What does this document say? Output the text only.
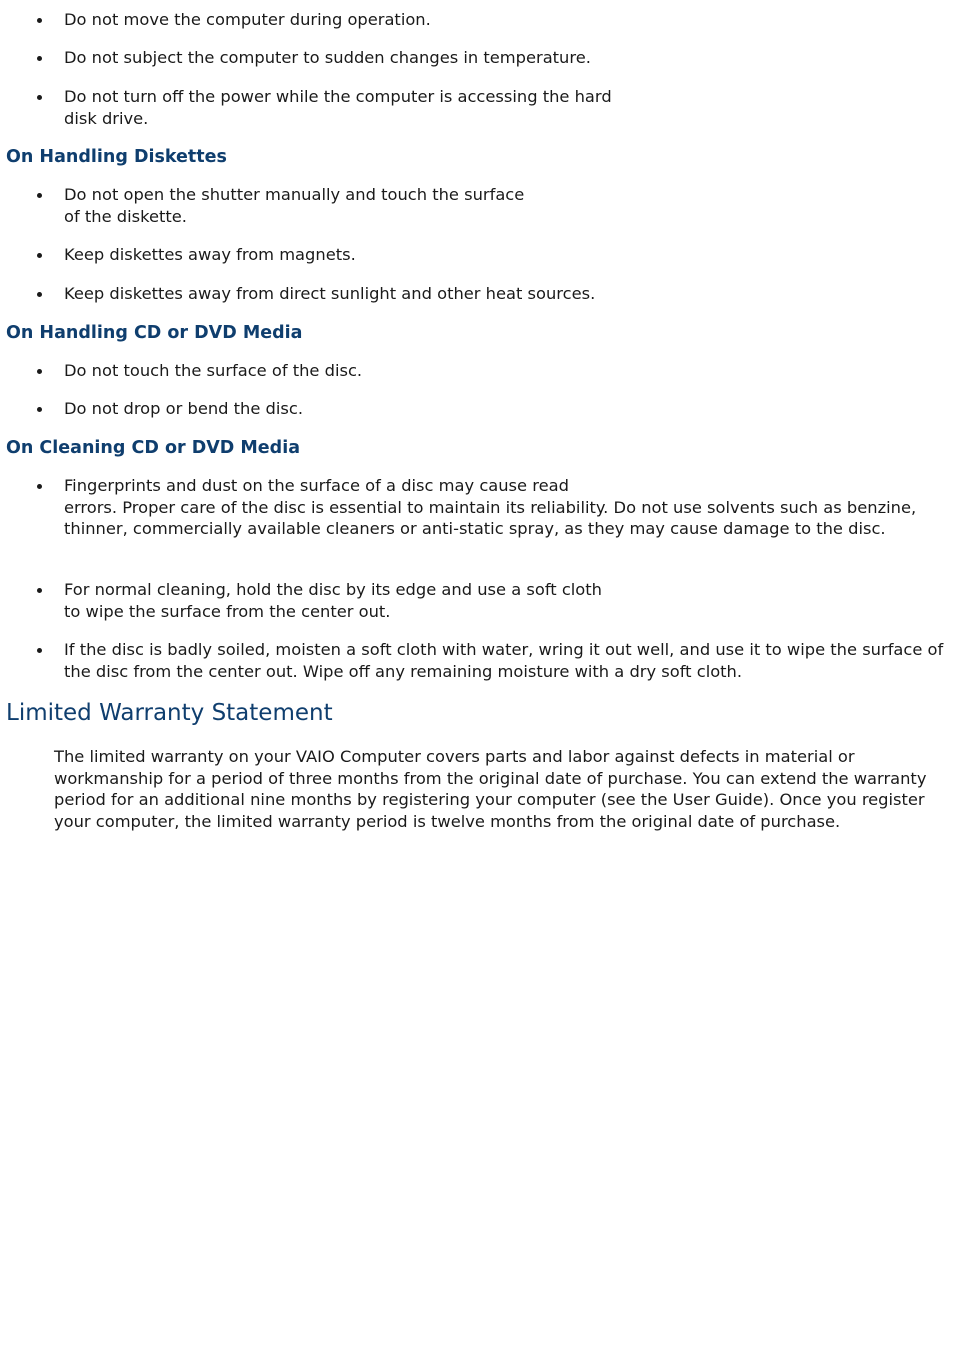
Do not move the computer during operation.
Do not subject the computer to sudden changes in temperature.
Do not turn off the power while the computer is accessing the hard
disk drive.
On Handling Diskettes
Do not open the shutter manually and touch the surface
of the diskette.
Keep diskettes away from magnets.
Keep diskettes away from direct sunlight and other heat sources.
On Handling CD or DVD Media
Do not touch the surface of the disc.
Do not drop or bend the disc.
On Cleaning CD or DVD Media
Fingerprints and dust on the surface of a disc may cause read
errors. Proper care of the disc is essential to maintain its reliability. Do not use solvents such as benzine, thinner, commercially available cleaners or anti-static spray, as they may cause damage to the disc.
For normal cleaning, hold the disc by its edge and use a soft cloth
to wipe the surface from the center out.
If the disc is badly soiled, moisten a soft cloth with water, wring it out well, and use it to wipe the surface of the disc from the center out. Wipe off any remaining moisture with a dry soft cloth.
Limited Warranty Statement

The limited warranty on your VAIO Computer covers parts and labor against defects in material or workmanship for a period of three months from the original date of purchase. You can extend the warranty period for an additional nine months by registering your computer (see the User Guide). Once you register your computer, the limited warranty period is twelve months from the original date of purchase.
